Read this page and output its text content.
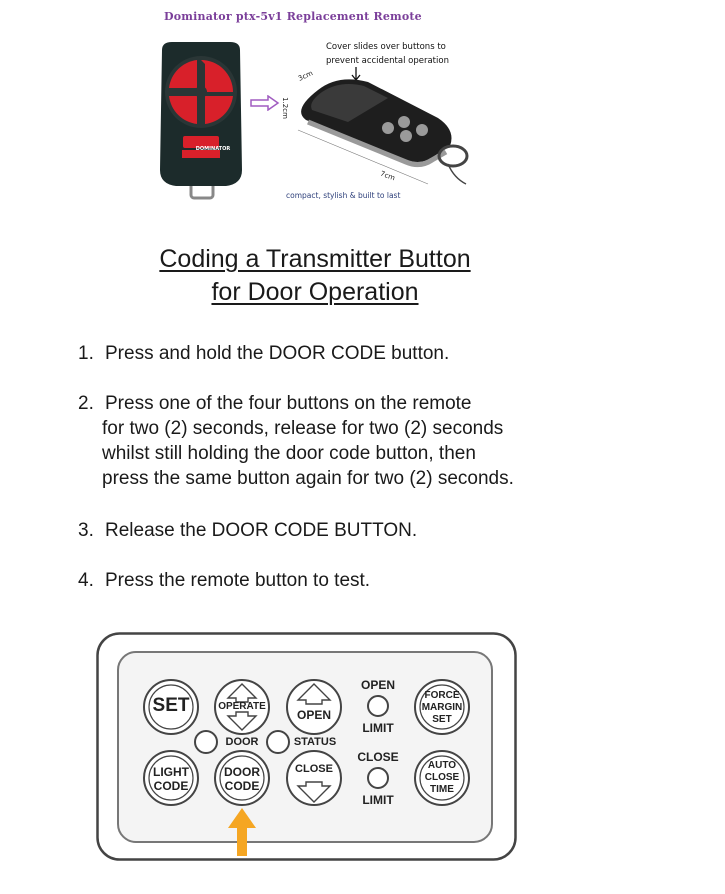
Dominator ptx-5v1 Replacement Remote
DOMINATOR
Cover slides over buttons to prevent accidental operation
3cm
1.2cm
7cm
compact, stylish & built to last
Coding a Transmitter Button
for Door Operation
1. Press and hold the DOOR CODE button.
2. Press one of the four buttons on the remote
for two (2) seconds, release for two (2) seconds
whilst still holding the door code button, then
press the same button again for two (2) seconds.
3. Release the DOOR CODE BUTTON.
4. Press the remote button to test.
SET	OPERATE
OPEN
OPEN
LIMIT
FORCE
MARGIN
SET
DOOR	STATUS
LIGHT
CODE
DOOR
CODE
CLOSE
CLOSE
LIMIT
AUTO
CLOSE
TIME
